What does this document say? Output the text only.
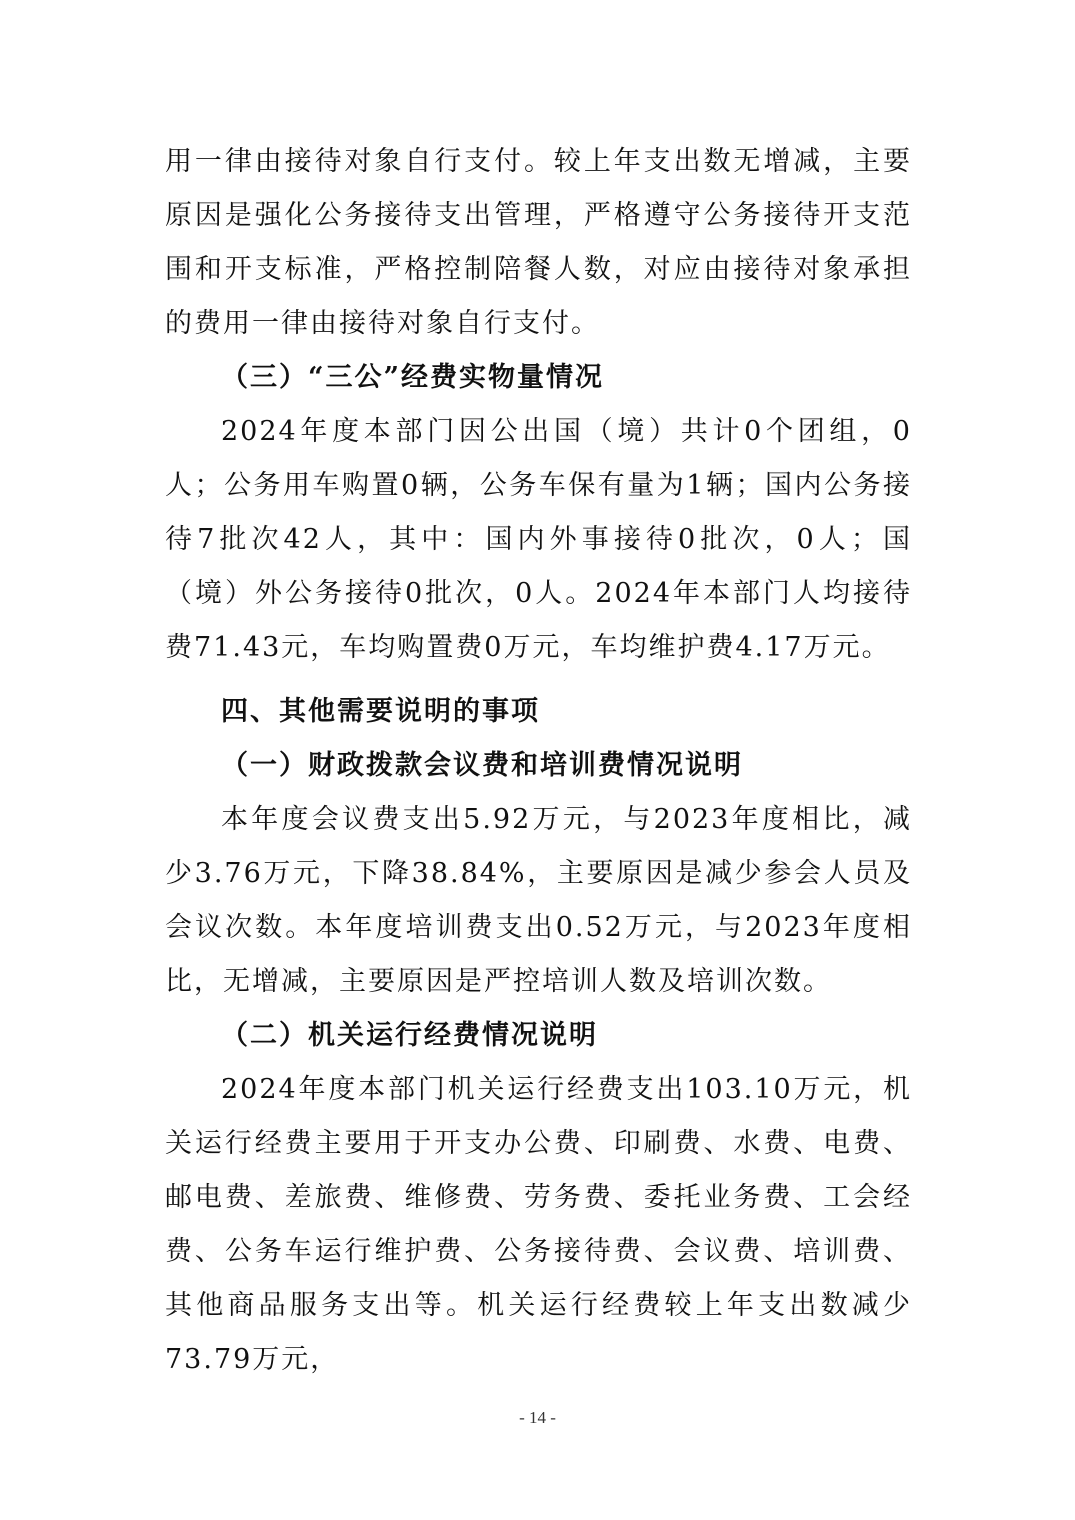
用一律由接待对象自行支付。较上年支出数无增减，主要原因是强化公务接待支出管理，严格遵守公务接待开支范围和开支标准，严格控制陪餐人数，对应由接待对象承担的费用一律由接待对象自行支付。

（三）“三公”经费实物量情况

2024年度本部门因公出国（境）共计0个团组，0人；公务用车购置0辆，公务车保有量为1辆；国内公务接待7批次42人，其中：国内外事接待0批次，0人；国（境）外公务接待0批次，0人。2024年本部门人均接待费71.43元，车均购置费0万元，车均维护费4.17万元。

四、其他需要说明的事项

（一）财政拨款会议费和培训费情况说明

本年度会议费支出5.92万元，与2023年度相比，减少3.76万元，下降38.84%，主要原因是减少参会人员及会议次数。本年度培训费支出0.52万元，与2023年度相比，无增减，主要原因是严控培训人数及培训次数。

（二）机关运行经费情况说明

2024年度本部门机关运行经费支出103.10万元，机关运行经费主要用于开支办公费、印刷费、水费、电费、邮电费、差旅费、维修费、劳务费、委托业务费、工会经费、公务车运行维护费、公务接待费、会议费、培训费、其他商品服务支出等。机关运行经费较上年支出数减少73.79万元，

- 14 -
